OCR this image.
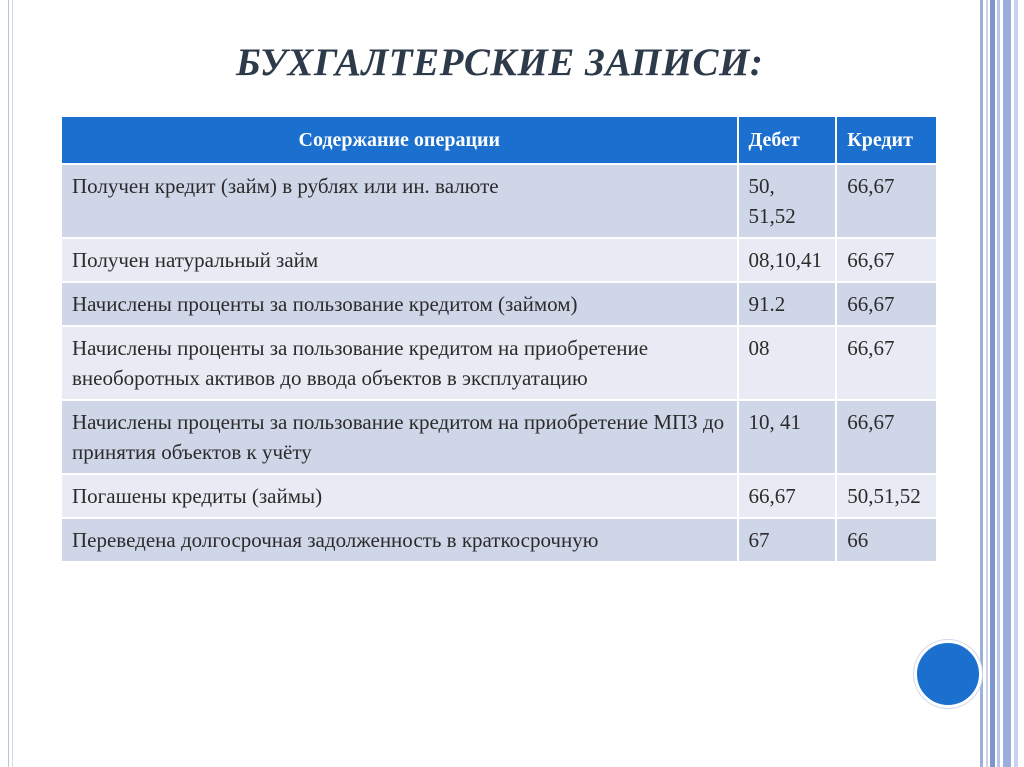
БУХГАЛТЕРСКИЕ ЗАПИСИ:
Содержание операции	Дебет	Кредит
Получен кредит (займ) в рублях или ин. валюте	50, 51,52	66,67
Получен натуральный займ	08,10,41	66,67
Начислены проценты за пользование кредитом (займом)	91.2	66,67
Начислены проценты за пользование кредитом на приобретение внеоборотных активов до ввода объектов в эксплуатацию	08	66,67
Начислены проценты за пользование кредитом на приобретение МПЗ до принятия объектов к учёту	10, 41	66,67
Погашены кредиты (займы)	66,67	50,51,52
Переведена долгосрочная задолженность в краткосрочную	67	66
